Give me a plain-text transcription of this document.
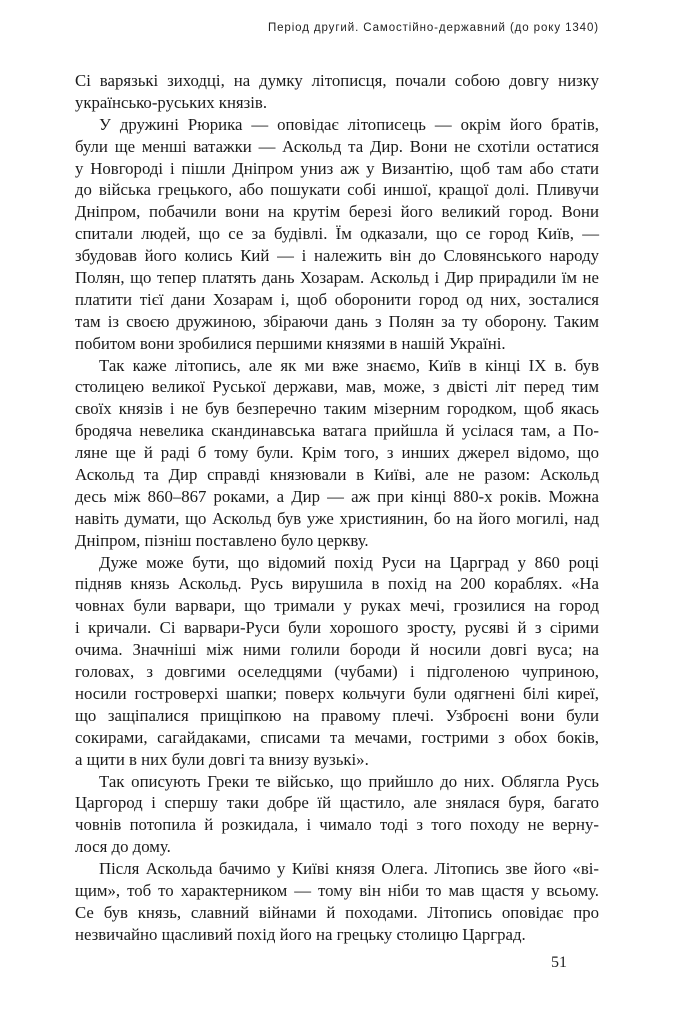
Період другий. Самостійно-державний (до року 1340)
Сі варязькі зиходці, на думку літописця, почали собою довгу низку
українсько-руських князів.
У дружині Рюрика — оповідає літописець — окрім його братів,
були ще менші ватажки — Аскольд та Дир. Вони не схотіли остатися
у Новгороді і пішли Дніпром униз аж у Византію, щоб там або стати
до війська грецького, або пошукати собі иншої, кращої долі. Пливучи
Дніпром, побачили вони на крутім березі його великий город. Вони
спитали людей, що се за будівлі. Їм одказали, що се город Київ, —
збудовав його колись Кий — і належить він до Словянського народу
Полян, що тепер платять дань Хозарам. Аскольд і Дир прирадили їм не
платити тієї дани Хозарам і, щоб оборонити город од них, зосталися
там із своєю дружиною, збіраючи дань з Полян за ту оборону. Таким
побитом вони зробилися першими князями в нашій Україні.
Так каже літопись, але як ми вже знаємо, Київ в кінці IX в. був
столицею великої Руської держави, мав, може, з двісті літ перед тим
своїх князів і не був безперечно таким мізерним городком, щоб якась
бродяча невелика скандинавська ватага прийшла й усілася там, а По-
ляне ще й раді б тому були. Крім того, з инших джерел відомо, що
Аскольд та Дир справді князювали в Київі, але не разом: Аскольд
десь між 860–867 роками, а Дир — аж при кінці 880-х років. Можна
навіть думати, що Аскольд був уже християнин, бо на його могилі, над
Дніпром, пізніш поставлено було церкву.
Дуже може бути, що відомий похід Руси на Царград у 860 році
підняв князь Аскольд. Русь вирушила в похід на 200 кораблях. «На
човнах були варвари, що тримали у руках мечі, грозилися на город
і кричали. Сі варвари-Руси були хорошого зросту, русяві й з сірими
очима. Значніші між ними голили бороди й носили довгі вуса; на
головах, з довгими оселедцями (чубами) і підголеною чуприною,
носили гостроверхі шапки; поверх кольчуги були одягнені білі киреї,
що защіпалися прищіпкою на правому плечі. Узброєні вони були
сокирами, сагайдаками, списами та мечами, гострими з обох боків,
а щити в них були довгі та внизу вузькі».
Так описують Греки те військо, що прийшло до них. Обляглa Русь
Царгород і спершу таки добре їй щастило, але знялася буря, багато
човнів потопила й розкидала, і чимало тоді з того походу не верну-
лося до дому.
Після Аскольда бачимо у Київі князя Олега. Літопись зве його «ві-
щим», тоб то характерником — тому він ніби то мав щастя у всьому.
Се був князь, славний війнами й походами. Літопись оповідає про
незвичайно щасливий похід його на грецьку столицю Царград.
51
